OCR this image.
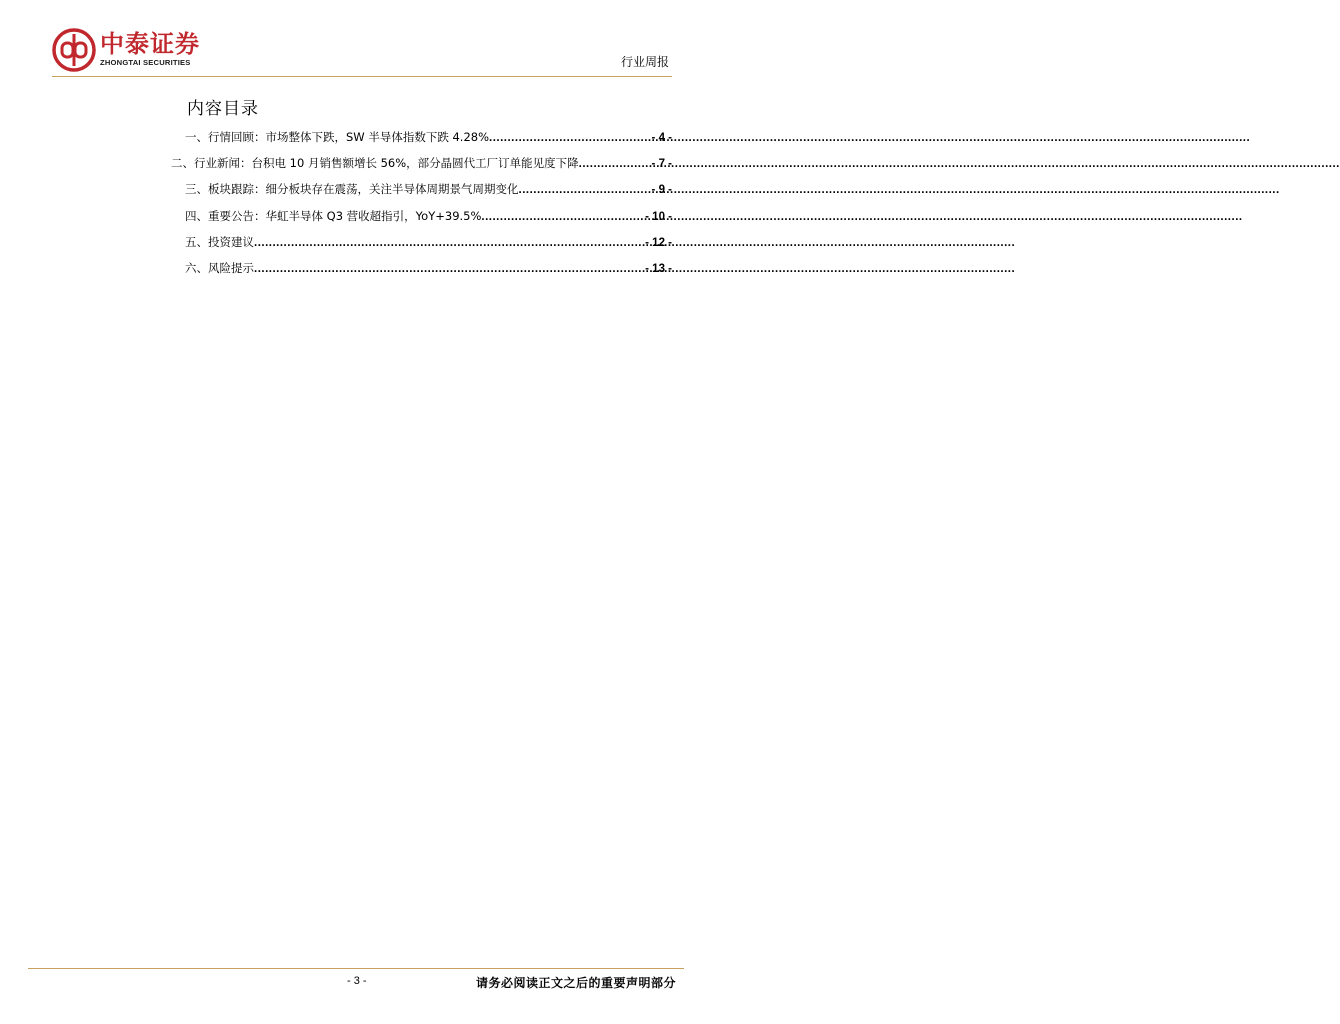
中泰证券
ZHONGTAI SECURITIES	行业周报
内容目录
一、行情回顾：市场整体下跌，SW 半导体指数下跌 4.28% .....	- 4 -
二、行业新闻：台积电 10 月销售额增长 56%，部分晶圆代工厂订单能见度下降 .....	- 7 -
三、板块跟踪：细分板块存在震荡，关注半导体周期景气周期变化 .....	- 9 -
四、重要公告：华虹半导体 Q3 营收超指引，YoY+39.5% .....	- 10 -
五、投资建议 .....	- 12 -
六、风险提示 .....	- 13 -
- 3 -	请务必阅读正文之后的重要声明部分
